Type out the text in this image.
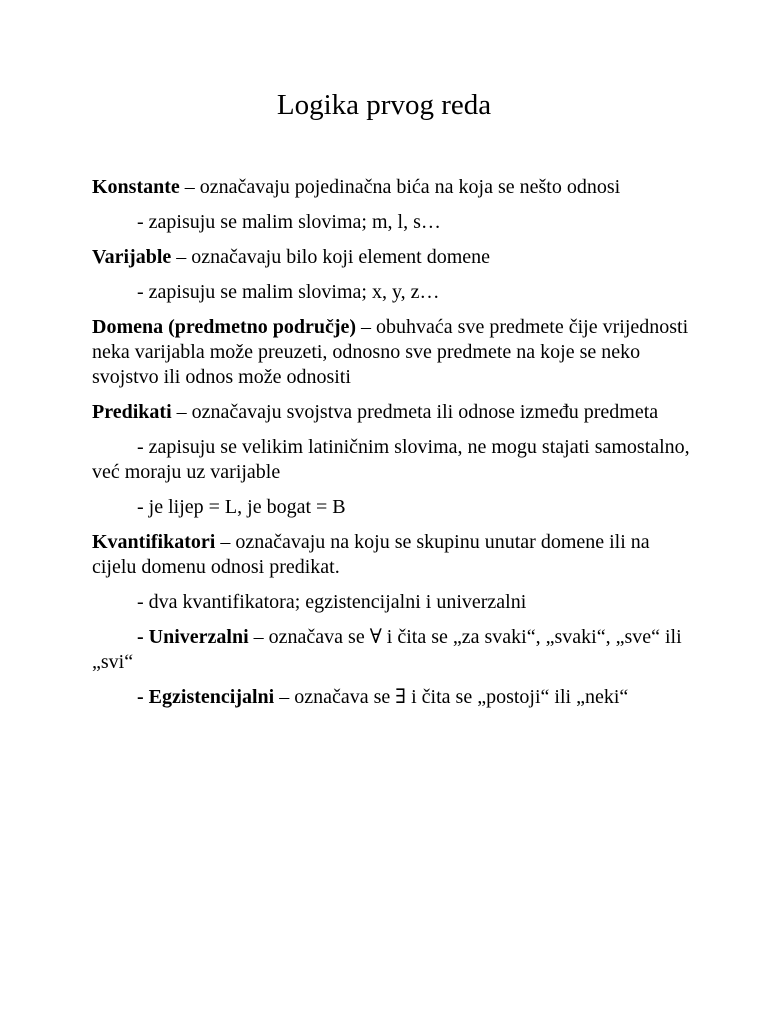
Logika prvog reda

Konstante – označavaju pojedinačna bića na koja se nešto odnosi

- zapisuju se malim slovima; m, l, s…

Varijable – označavaju bilo koji element domene

- zapisuju se malim slovima; x, y, z…

Domena (predmetno područje) – obuhvaća sve predmete čije vrijednosti neka varijabla može preuzeti, odnosno sve predmete na koje se neko svojstvo ili odnos može odnositi

Predikati – označavaju svojstva predmeta ili odnose između predmeta

- zapisuju se velikim latiničnim slovima, ne mogu stajati samostalno, već moraju uz varijable

- je lijep = L, je bogat = B

Kvantifikatori – označavaju na koju se skupinu unutar domene ili na cijelu domenu odnosi predikat.

- dva kvantifikatora; egzistencijalni i univerzalni

- Univerzalni – označava se ∀ i čita se „za svaki“, „svaki“, „sve“ ili „svi“

- Egzistencijalni – označava se ∃ i čita se „postoji“ ili „neki“
